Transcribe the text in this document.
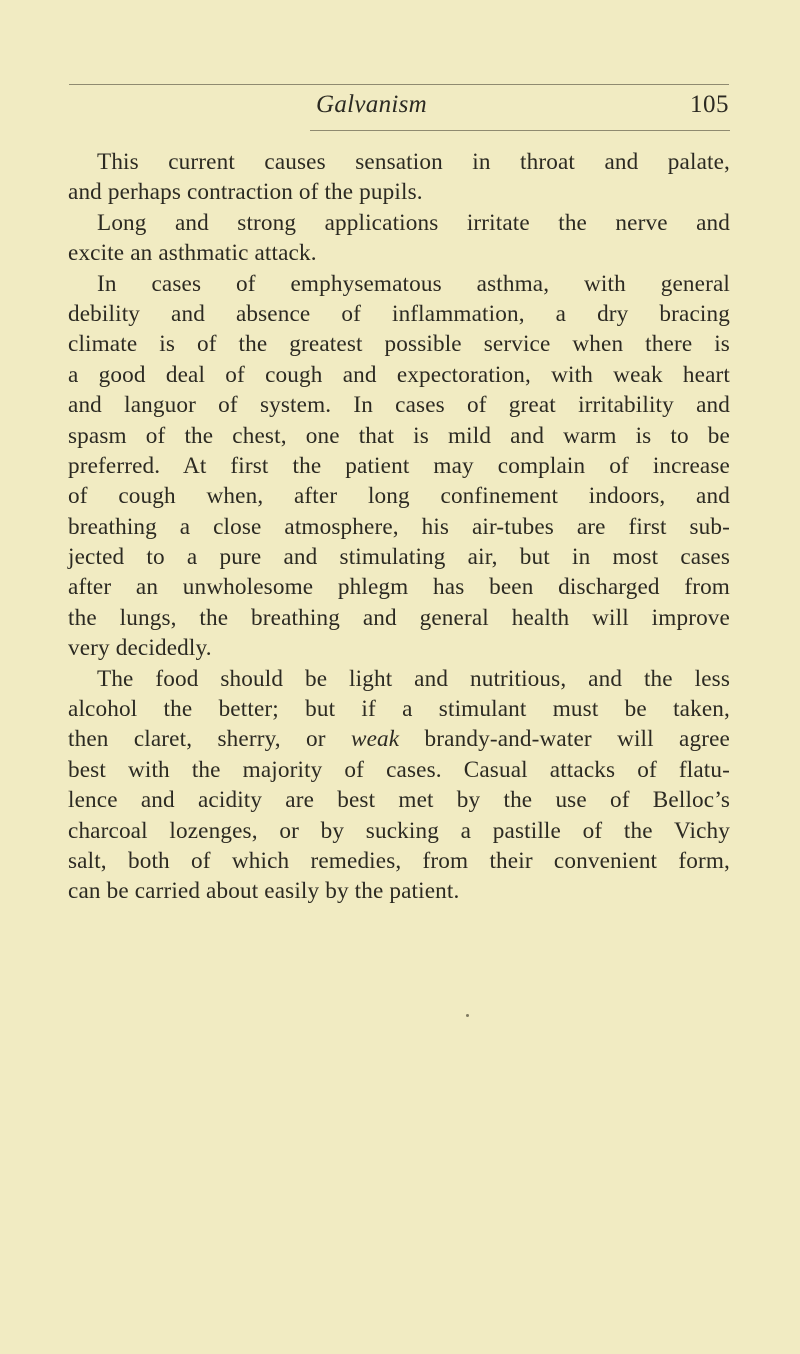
Galvanism	105
This current causes sensation in throat and palate,
and perhaps contraction of the pupils.
Long and strong applications irritate the nerve and
excite an asthmatic attack.
In cases of emphysematous asthma, with general
debility and absence of inflammation, a dry bracing
climate is of the greatest possible service when there is
a good deal of cough and expectoration, with weak heart
and languor of system. In cases of great irritability and
spasm of the chest, one that is mild and warm is to be
preferred. At first the patient may complain of increase
of cough when, after long confinement indoors, and
breathing a close atmosphere, his air-tubes are first sub-
jected to a pure and stimulating air, but in most cases
after an unwholesome phlegm has been discharged from
the lungs, the breathing and general health will improve
very decidedly.
The food should be light and nutritious, and the less
alcohol the better; but if a stimulant must be taken,
then claret, sherry, or weak brandy-and-water will agree
best with the majority of cases. Casual attacks of flatu-
lence and acidity are best met by the use of Belloc’s
charcoal lozenges, or by sucking a pastille of the Vichy
salt, both of which remedies, from their convenient form,
can be carried about easily by the patient.
